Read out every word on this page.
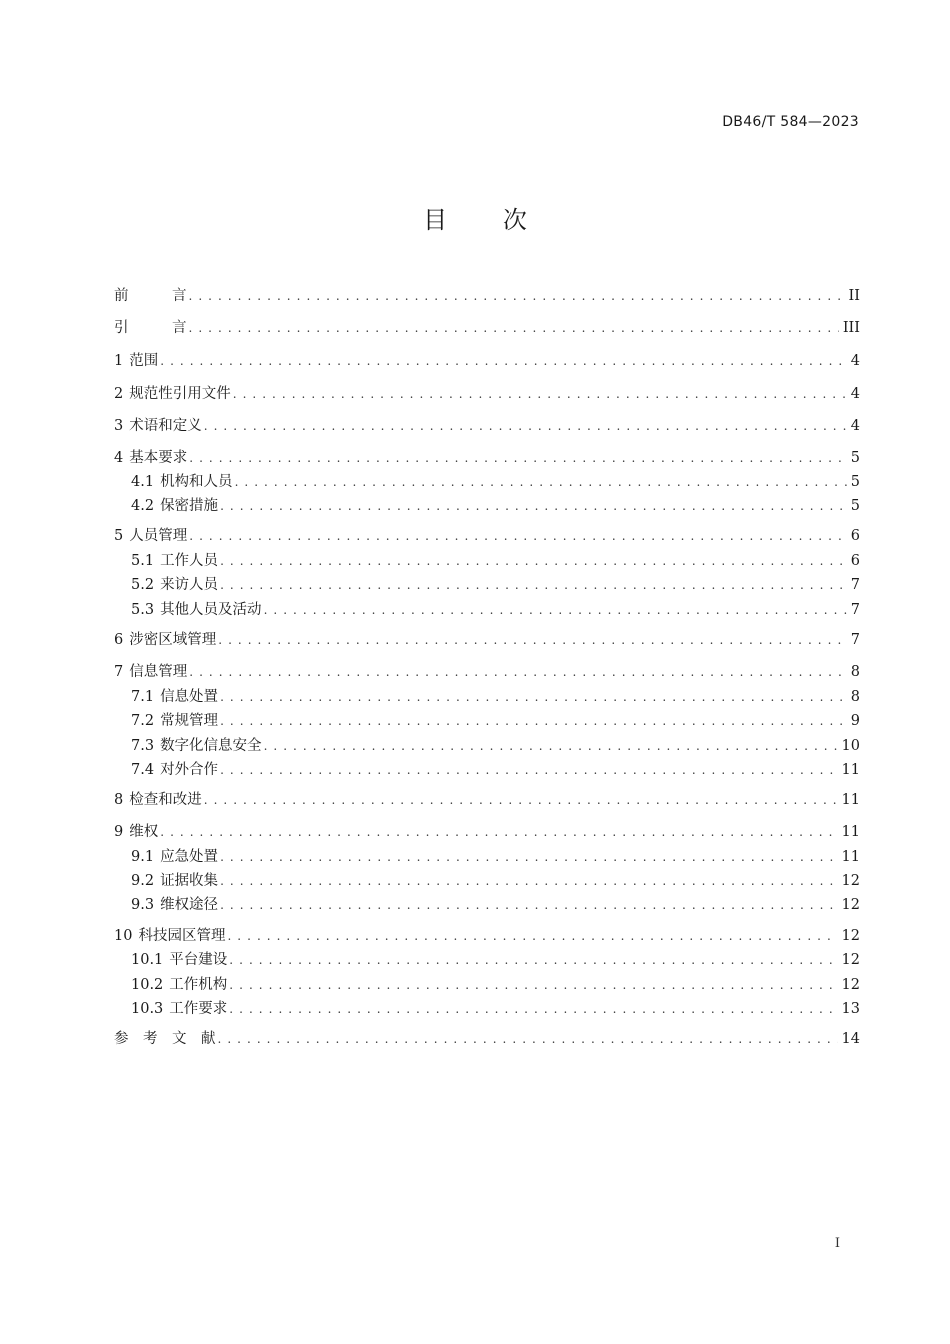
DB46/T 584—2023
目 次
前　　　言 . . .	II
引　　　言 . . .	III
1 范围 . . .	4
2 规范性引用文件 . . .	4
3 术语和定义 . . .	4
4 基本要求 . . .	5
4.1 机构和人员 . . .	5
4.2 保密措施 . . .	5
5 人员管理 . . .	6
5.1 工作人员 . . .	6
5.2 来访人员 . . .	7
5.3 其他人员及活动 . . .	7
6 涉密区域管理 . . .	7
7 信息管理 . . .	8
7.1 信息处置 . . .	8
7.2 常规管理 . . .	9
7.3 数字化信息安全 . . .	10
7.4 对外合作 . . .	11
8 检查和改进 . . .	11
9 维权 . . .	11
9.1 应急处置 . . .	11
9.2 证据收集 . . .	12
9.3 维权途径 . . .	12
10 科技园区管理 . . .	12
10.1 平台建设 . . .	12
10.2 工作机构 . . .	12
10.3 工作要求 . . .	13
参　考　文　献 . . .	14
I
